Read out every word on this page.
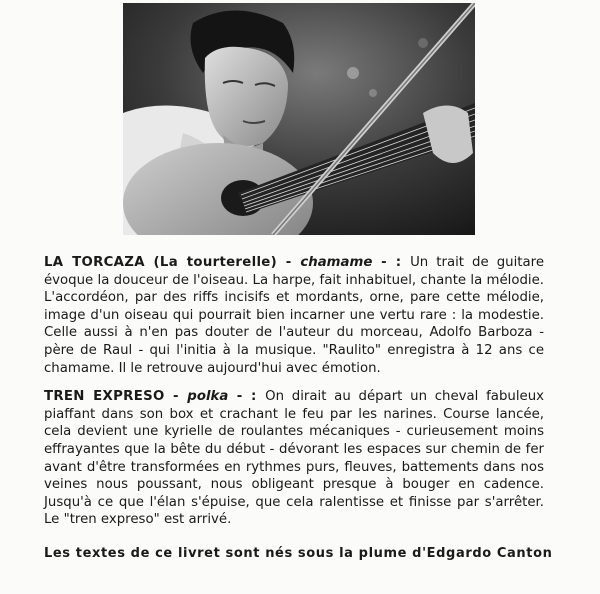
LA TORCAZA (La tourterelle) - chamame - : Un trait de guitare évoque la douceur de l'oiseau. La harpe, fait inhabituel, chante la mélodie. L'accordéon, par des riffs incisifs et mordants, orne, pare cette mélodie, image d'un oiseau qui pourrait bien incarner une vertu rare : la modestie. Celle aussi à n'en pas douter de l'auteur du morceau, Adolfo Barboza - père de Raul - qui l'initia à la musique. "Raulito" enregistra à 12 ans ce chamame. Il le retrouve aujourd'hui avec émotion.

TREN EXPRESO - polka - : On dirait au départ un cheval fabuleux piaffant dans son box et crachant le feu par les narines. Course lancée, cela devient une kyrielle de roulantes mécaniques - curieusement moins effrayantes que la bête du début - dévorant les espaces sur chemin de fer avant d'être transformées en rythmes purs, fleuves, battements dans nos veines nous poussant, nous obligeant presque à bouger en cadence. Jusqu'à ce que l'élan s'épuise, que cela ralentisse et finisse par s'arrêter. Le "tren expreso" est arrivé.

Les textes de ce livret sont nés sous la plume d'Edgardo Canton
